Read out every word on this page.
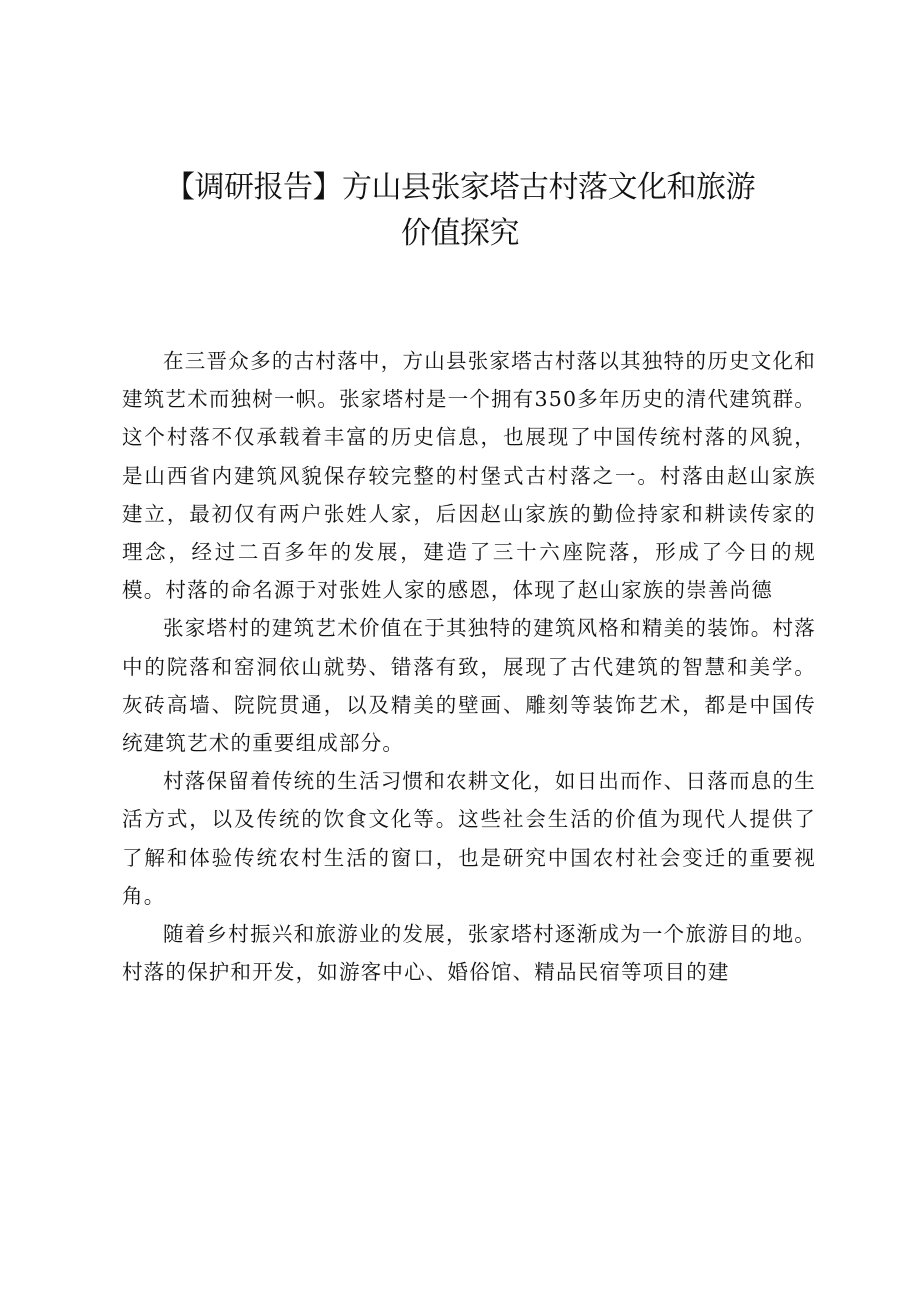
【调研报告】方山县张家塔古村落文化和旅游
价值探究

在三晋众多的古村落中，方山县张家塔古村落以其独特的历史文化和建筑艺术而独树一帜。张家塔村是一个拥有350多年历史的清代建筑群。这个村落不仅承载着丰富的历史信息，也展现了中国传统村落的风貌，是山西省内建筑风貌保存较完整的村堡式古村落之一。村落由赵山家族建立，最初仅有两户张姓人家，后因赵山家族的勤俭持家和耕读传家的理念，经过二百多年的发展，建造了三十六座院落，形成了今日的规模。村落的命名源于对张姓人家的感恩，体现了赵山家族的崇善尚德

张家塔村的建筑艺术价值在于其独特的建筑风格和精美的装饰。村落中的院落和窑洞依山就势、错落有致，展现了古代建筑的智慧和美学。灰砖高墙、院院贯通，以及精美的壁画、雕刻等装饰艺术，都是中国传统建筑艺术的重要组成部分。

村落保留着传统的生活习惯和农耕文化，如日出而作、日落而息的生活方式，以及传统的饮食文化等。这些社会生活的价值为现代人提供了了解和体验传统农村生活的窗口，也是研究中国农村社会变迁的重要视角。

随着乡村振兴和旅游业的发展，张家塔村逐渐成为一个旅游目的地。村落的保护和开发，如游客中心、婚俗馆、精品民宿等项目的建
